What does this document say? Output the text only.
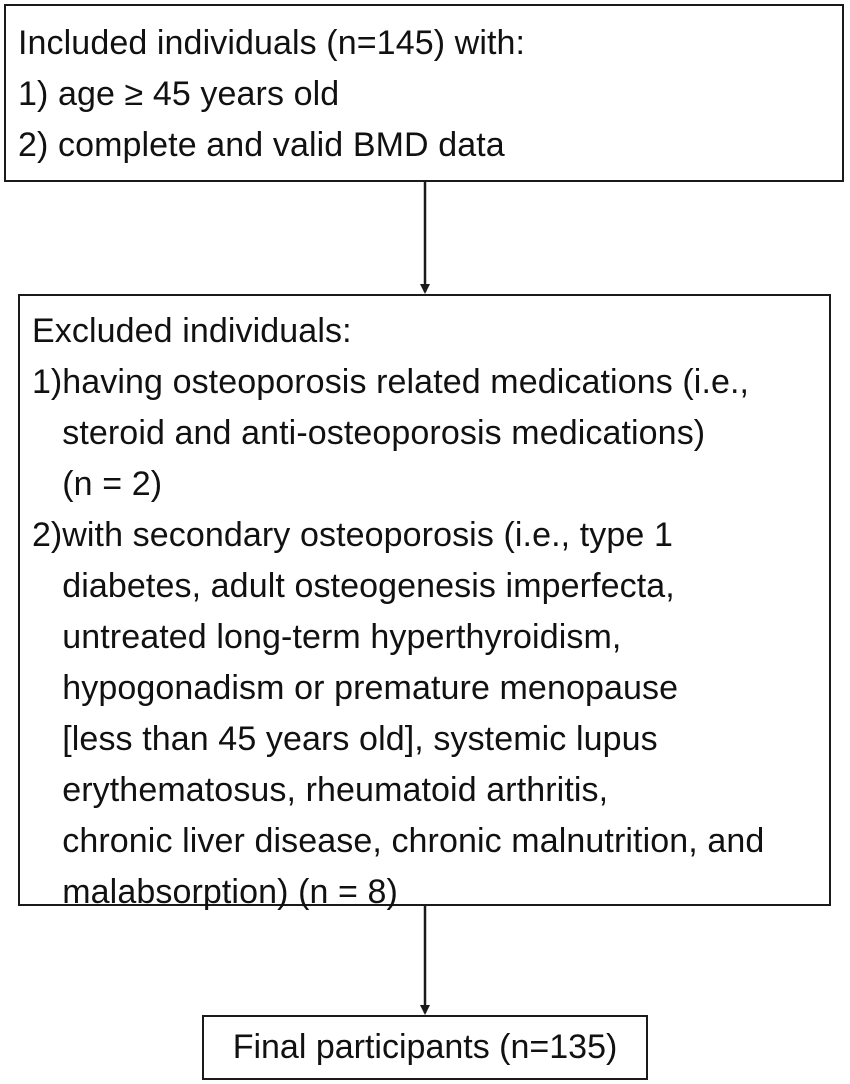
Included individuals (n=145) with:
1) age ≥ 45 years old
2) complete and valid BMD data
Excluded individuals:
1) having osteoporosis related medications (i.e.,
steroid and anti-osteoporosis medications)
(n = 2)
2) with secondary osteoporosis (i.e., type 1
diabetes, adult osteogenesis imperfecta,
untreated long-term hyperthyroidism,
hypogonadism or premature menopause
[less than 45 years old], systemic lupus
erythematosus, rheumatoid arthritis,
chronic liver disease, chronic malnutrition, and
malabsorption) (n = 8)
Final participants (n=135)
